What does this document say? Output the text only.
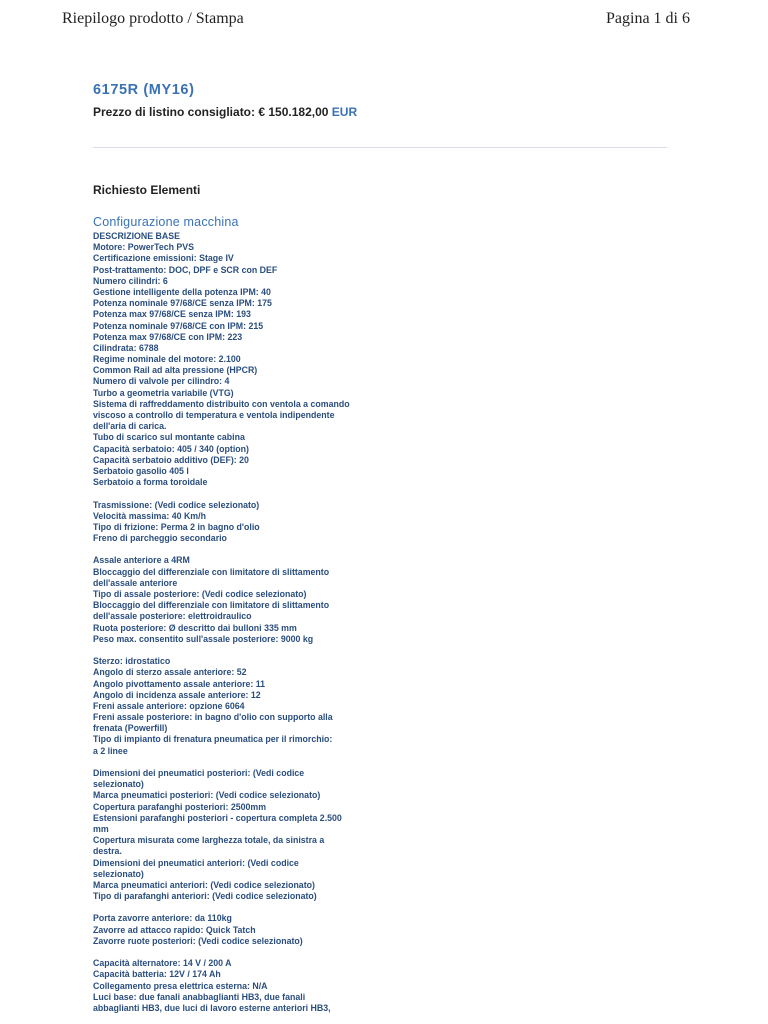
Riepilogo prodotto / Stampa	Pagina 1 di 6
6175R (MY16)
Prezzo di listino consigliato: € 150.182,00 EUR
Richiesto Elementi
Configurazione macchina
DESCRIZIONE BASE
Motore: PowerTech PVS
Certificazione emissioni: Stage IV
Post-trattamento: DOC, DPF e SCR con DEF
Numero cilindri: 6
Gestione intelligente della potenza IPM: 40
Potenza nominale 97/68/CE senza IPM: 175
Potenza max 97/68/CE senza IPM: 193
Potenza nominale 97/68/CE con IPM: 215
Potenza max 97/68/CE con IPM: 223
Cilindrata: 6788
Regime nominale del motore: 2.100
Common Rail ad alta pressione (HPCR)
Numero di valvole per cilindro: 4
Turbo a geometria variabile (VTG)
Sistema di raffreddamento distribuito con ventola a comando
viscoso a controllo di temperatura e ventola indipendente
dell'aria di carica.
Tubo di scarico sul montante cabina
Capacità serbatoio: 405 / 340 (option)
Capacità serbatoio additivo (DEF): 20
Serbatoio gasolio 405 l
Serbatoio a forma toroidale
Trasmissione: (Vedi codice selezionato)
Velocità massima: 40 Km/h
Tipo di frizione: Perma 2 in bagno d'olio
Freno di parcheggio secondario
Assale anteriore a 4RM
Bloccaggio del differenziale con limitatore di slittamento
dell'assale anteriore
Tipo di assale posteriore: (Vedi codice selezionato)
Bloccaggio del differenziale con limitatore di slittamento
dell'assale posteriore: elettroidraulico
Ruota posteriore: Ø descritto dai bulloni 335 mm
Peso max. consentito sull'assale posteriore: 9000 kg
Sterzo: idrostatico
Angolo di sterzo assale anteriore: 52
Angolo pivottamento assale anteriore: 11
Angolo di incidenza assale anteriore: 12
Freni assale anteriore: opzione 6064
Freni assale posteriore: in bagno d'olio con supporto alla
frenata (Powerfill)
Tipo di impianto di frenatura pneumatica per il rimorchio:
a 2 linee
Dimensioni dei pneumatici posteriori: (Vedi codice
selezionato)
Marca pneumatici posteriori: (Vedi codice selezionato)
Copertura parafanghi posteriori: 2500mm
Estensioni parafanghi posteriori - copertura completa 2.500
mm
Copertura misurata come larghezza totale, da sinistra a
destra.
Dimensioni dei pneumatici anteriori: (Vedi codice
selezionato)
Marca pneumatici anteriori: (Vedi codice selezionato)
Tipo di parafanghi anteriori: (Vedi codice selezionato)
Porta zavorre anteriore: da 110kg
Zavorre ad attacco rapido: Quick Tatch
Zavorre ruote posteriori: (Vedi codice selezionato)
Capacità alternatore: 14 V / 200 A
Capacità batteria: 12V / 174 Ah
Collegamento presa elettrica esterna: N/A
Luci base: due fanali anabbaglianti HB3, due fanali
abbaglianti HB3, due luci di lavoro esterne anteriori HB3,
